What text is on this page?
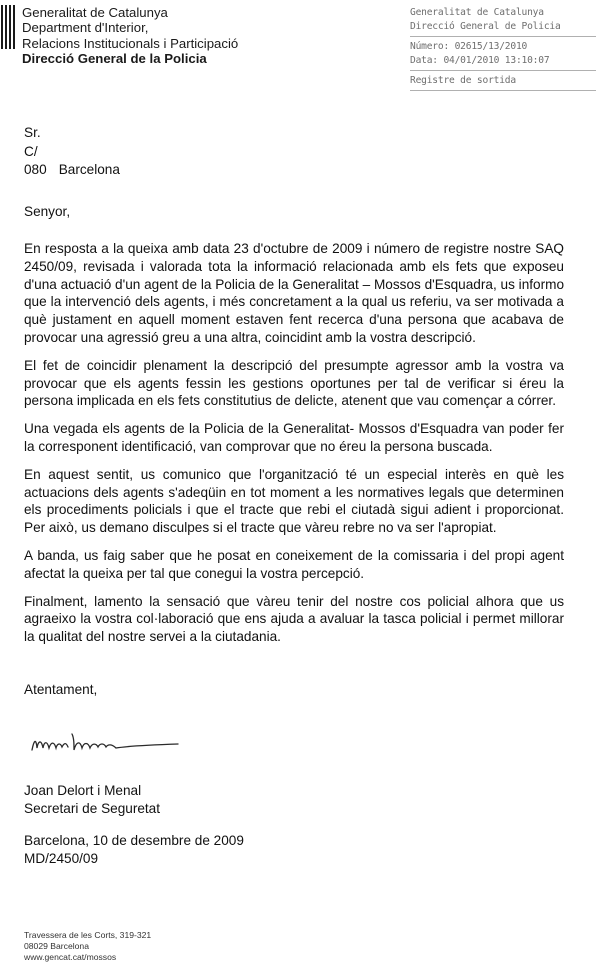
Generalitat de Catalunya
Department d'Interior,
Relacions Institucionals i Participació
Direcció General de la Policia
Generalitat de Catalunya
Direcció General de Policia
Número: 02615/13/2010
Data: 04/01/2010 13:10:07
Registre de sortida
Sr.
C/
080 Barcelona
Senyor,

En resposta a la queixa amb data 23 d'octubre de 2009 i número de registre nostre SAQ 2450/09, revisada i valorada tota la informació relacionada amb els fets que exposeu d'una actuació d'un agent de la Policia de la Generalitat – Mossos d'Esquadra, us informo que la intervenció dels agents, i més concretament a la qual us referiu, va ser motivada a què justament en aquell moment estaven fent recerca d'una persona que acabava de provocar una agressió greu a una altra, coincidint amb la vostra descripció.

El fet de coincidir plenament la descripció del presumpte agressor amb la vostra va provocar que els agents fessin les gestions oportunes per tal de verificar si éreu la persona implicada en els fets constitutius de delicte, atenent que vau començar a córrer.

Una vegada els agents de la Policia de la Generalitat- Mossos d'Esquadra van poder fer la corresponent identificació, van comprovar que no éreu la persona buscada.

En aquest sentit, us comunico que l'organització té un especial interès en què les actuacions dels agents s'adeqüin en tot moment a les normatives legals que determinen els procediments policials i que el tracte que rebi el ciutadà sigui adient i proporcionat. Per això, us demano disculpes si el tracte que vàreu rebre no va ser l'apropiat.

A banda, us faig saber que he posat en coneixement de la comissaria i del propi agent afectat la queixa per tal que conegui la vostra percepció.

Finalment, lamento la sensació que vàreu tenir del nostre cos policial alhora que us agraeixo la vostra col·laboració que ens ajuda a avaluar la tasca policial i permet millorar la qualitat del nostre servei a la ciutadania.

Atentament,
Joan Delort i Menal
Secretari de Seguretat
Barcelona, 10 de desembre de 2009
MD/2450/09
Travessera de les Corts, 319-321
08029 Barcelona
www.gencat.cat/mossos
